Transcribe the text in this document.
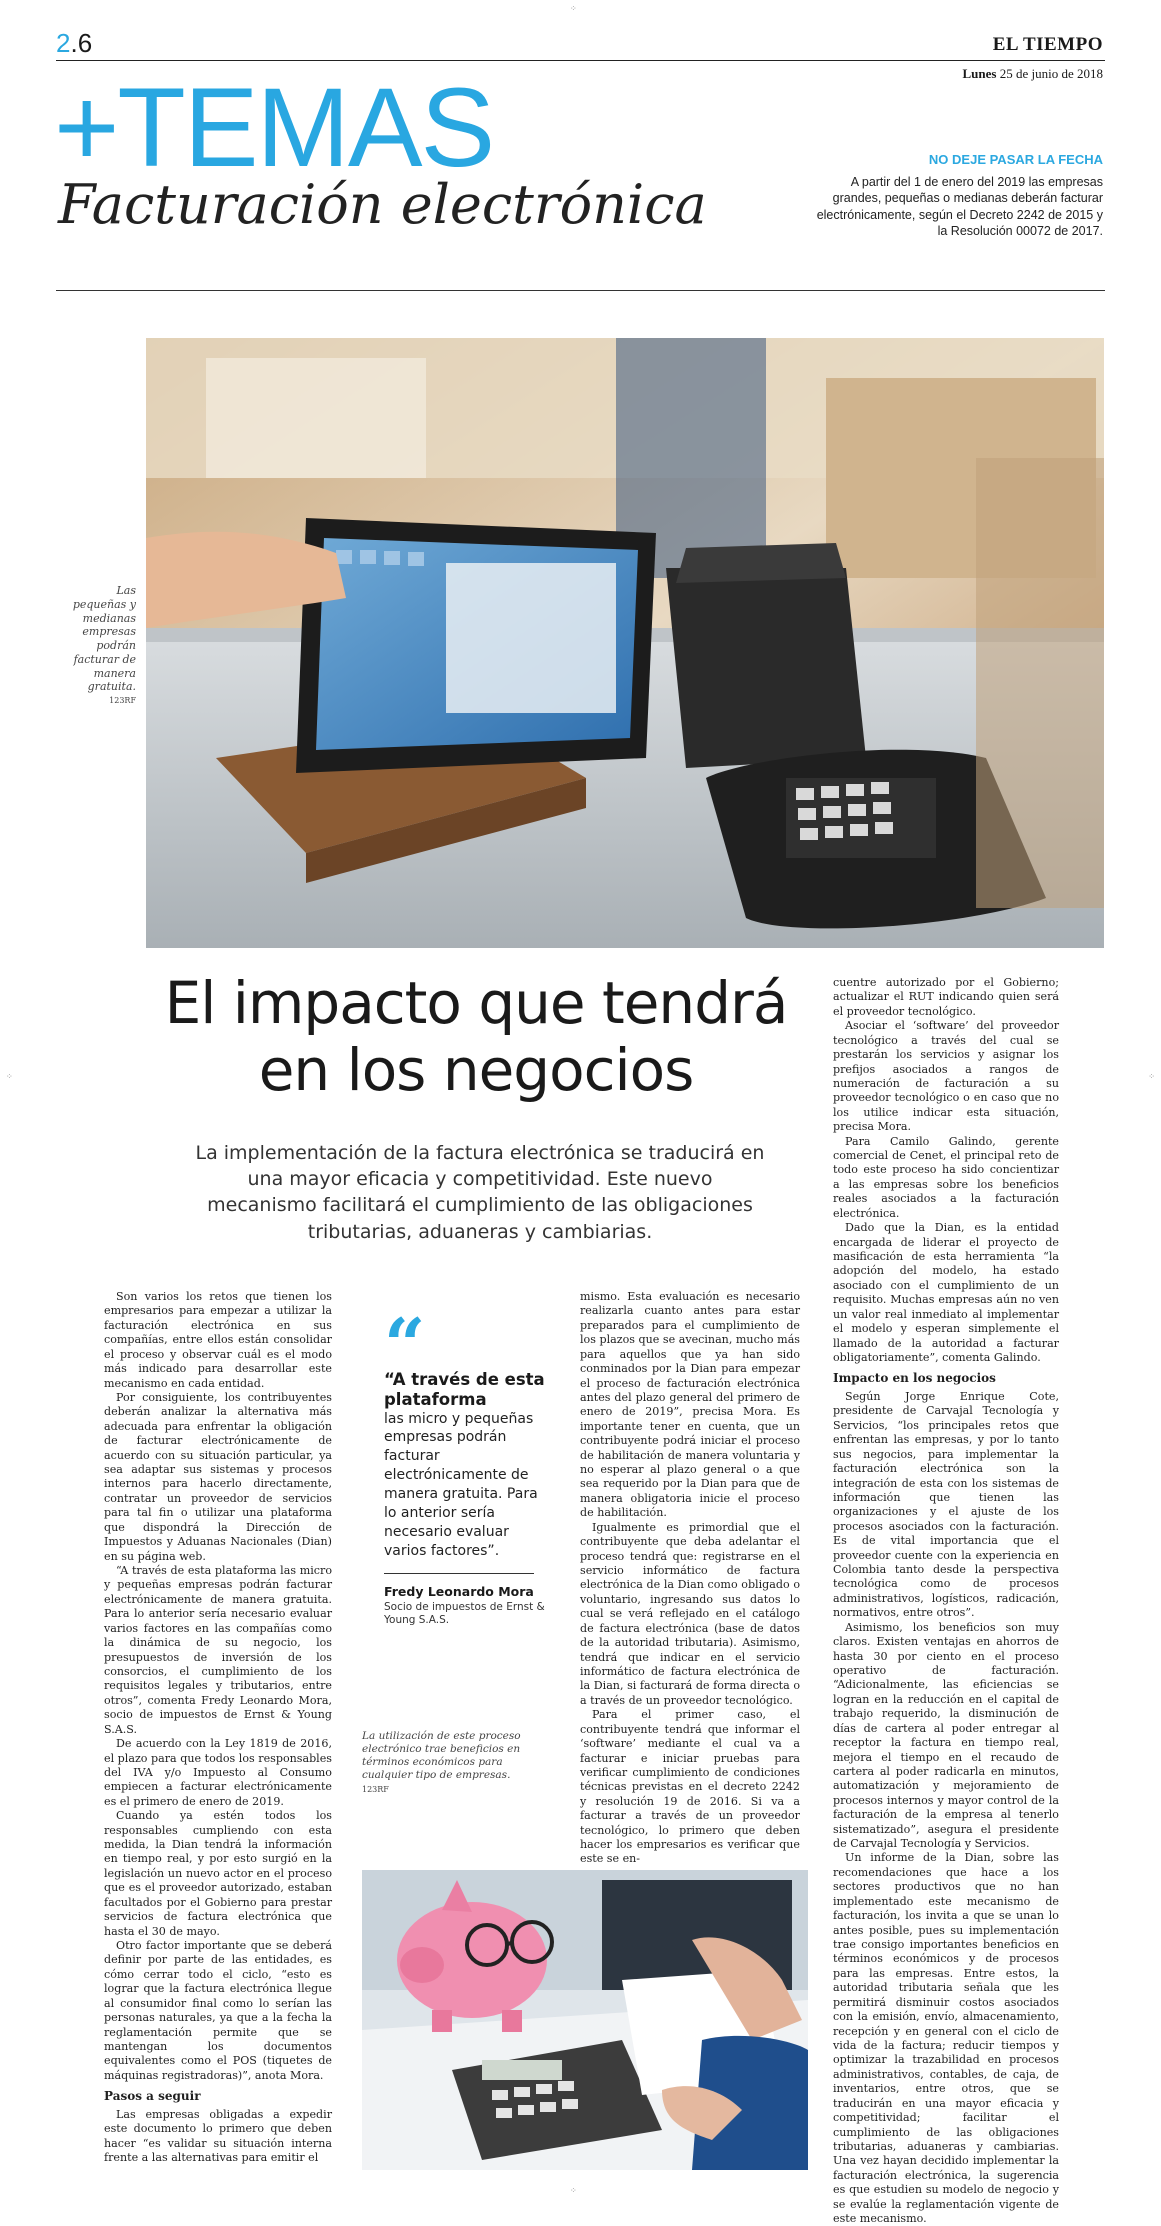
2.6	EL TIEMPO
Lunes 25 de junio de 2018
+TEMAS
Facturación electrónica
NO DEJE PASAR LA FECHA
A partir del 1 de enero del 2019 las empresas grandes, pequeñas o medianas deberán facturar electrónicamente, según el Decreto 2242 de 2015 y la Resolución 00072 de 2017.
Las pequeñas y medianas empresas podrán facturar de manera gratuita.
123RF
El impacto que tendrá en los negocios
La implementación de la factura electrónica se traducirá en una mayor eficacia y competitividad. Este nuevo mecanismo facilitará el cumplimiento de las obligaciones tributarias, aduaneras y cambiarias.

Son varios los retos que tienen los empresarios para empezar a utilizar la facturación electrónica en sus compañías, entre ellos están consolidar el proceso y observar cuál es el modo más indicado para desarrollar este mecanismo en cada entidad.

Por consiguiente, los contribuyentes deberán analizar la alternativa más adecuada para enfrentar la obligación de facturar electrónicamente de acuerdo con su situación particular, ya sea adaptar sus sistemas y procesos internos para hacerlo directamente, contratar un proveedor de servicios para tal fin o utilizar una plataforma que dispondrá la Dirección de Impuestos y Aduanas Nacionales (Dian) en su página web.

“A través de esta plataforma las micro y pequeñas empresas podrán facturar electrónicamente de manera gratuita. Para lo anterior sería necesario evaluar varios factores en las compañías como la dinámica de su negocio, los presupuestos de inversión de los consorcios, el cumplimiento de los requisitos legales y tributarios, entre otros”, comenta Fredy Leonardo Mora, socio de impuestos de Ernst & Young S.A.S.

De acuerdo con la Ley 1819 de 2016, el plazo para que todos los responsables del IVA y/o Impuesto al Consumo empiecen a facturar electrónicamente es el primero de enero de 2019.

Cuando ya estén todos los responsables cumpliendo con esta medida, la Dian tendrá la información en tiempo real, y por esto surgió en la legislación un nuevo actor en el proceso que es el proveedor autorizado, estaban facultados por el Gobierno para prestar servicios de factura electrónica que hasta el 30 de mayo.

Otro factor importante que se deberá definir por parte de las entidades, es cómo cerrar todo el ciclo, “esto es lograr que la factura electrónica llegue al consumidor final como lo serían las personas naturales, ya que a la fecha la reglamentación permite que se mantengan los documentos equivalentes como el POS (tiquetes de máquinas registradoras)”, anota Mora.

Pasos a seguir

Las empresas obligadas a expedir este documento lo primero que deben hacer “es validar su situación interna frente a las alternativas para emitir el

“
“A través de esta plataforma
las micro y pequeñas empresas podrán facturar electrónicamente de manera gratuita. Para lo anterior sería necesario evaluar varios factores”.
Fredy Leonardo Mora
Socio de impuestos de Ernst & Young S.A.S.

mismo. Esta evaluación es necesario realizarla cuanto antes para estar preparados para el cumplimiento de los plazos que se avecinan, mucho más para aquellos que ya han sido conminados por la Dian para empezar el proceso de facturación electrónica antes del plazo general del primero de enero de 2019”, precisa Mora. Es importante tener en cuenta, que un contribuyente podrá iniciar el proceso de habilitación de manera voluntaria y no esperar al plazo general o a que sea requerido por la Dian para que de manera obligatoria inicie el proceso de habilitación.

Igualmente es primordial que el contribuyente que deba adelantar el proceso tendrá que: registrarse en el servicio informático de factura electrónica de la Dian como obligado o voluntario, ingresando sus datos lo cual se verá reflejado en el catálogo de factura electrónica (base de datos de la autoridad tributaria). Asimismo, tendrá que indicar en el servicio informático de factura electrónica de la Dian, si facturará de forma directa o a través de un proveedor tecnológico.

Para el primer caso, el contribuyente tendrá que informar el ‘software’ mediante el cual va a facturar e iniciar pruebas para verificar cumplimiento de condiciones técnicas previstas en el decreto 2242 y resolución 19 de 2016. Si va a facturar a través de un proveedor tecnológico, lo primero que deben hacer los empresarios es verificar que este se en-

La utilización de este proceso electrónico trae beneficios en términos económicos para cualquier tipo de empresas. 123RF

cuentre autorizado por el Gobierno; actualizar el RUT indicando quien será el proveedor tecnológico.

Asociar el ‘software’ del proveedor tecnológico a través del cual se prestarán los servicios y asignar los prefijos asociados a rangos de numeración de facturación a su proveedor tecnológico o en caso que no los utilice indicar esta situación, precisa Mora.

Para Camilo Galindo, gerente comercial de Cenet, el principal reto de todo este proceso ha sido concientizar a las empresas sobre los beneficios reales asociados a la facturación electrónica.

Dado que la Dian, es la entidad encargada de liderar el proyecto de masificación de esta herramienta “la adopción del modelo, ha estado asociado con el cumplimiento de un requisito. Muchas empresas aún no ven un valor real inmediato al implementar el modelo y esperan simplemente el llamado de la autoridad a facturar obligatoriamente”, comenta Galindo.

Impacto en los negocios

Según Jorge Enrique Cote, presidente de Carvajal Tecnología y Servicios, “los principales retos que enfrentan las empresas, y por lo tanto sus negocios, para implementar la facturación electrónica son la integración de esta con los sistemas de información que tienen las organizaciones y el ajuste de los procesos asociados con la facturación. Es de vital importancia que el proveedor cuente con la experiencia en Colombia tanto desde la perspectiva tecnológica como de procesos administrativos, logísticos, radicación, normativos, entre otros”.

Asimismo, los beneficios son muy claros. Existen ventajas en ahorros de hasta 30 por ciento en el proceso operativo de facturación. “Adicionalmente, las eficiencias se logran en la reducción en el capital de trabajo requerido, la disminución de días de cartera al poder entregar al receptor la factura en tiempo real, mejora el tiempo en el recaudo de cartera al poder radicarla en minutos, automatización y mejoramiento de procesos internos y mayor control de la facturación de la empresa al tenerlo sistematizado”, asegura el presidente de Carvajal Tecnología y Servicios.

Un informe de la Dian, sobre las recomendaciones que hace a los sectores productivos que no han implementado este mecanismo de facturación, los invita a que se unan lo antes posible, pues su implementación trae consigo importantes beneficios en términos económicos y de procesos para las empresas. Entre estos, la autoridad tributaria señala que les permitirá disminuir costos asociados con la emisión, envío, almacenamiento, recepción y en general con el ciclo de vida de la factura; reducir tiempos y optimizar la trazabilidad en procesos administrativos, contables, de caja, de inventarios, entre otros, que se traducirán en una mayor eficacia y competitividad; facilitar el cumplimiento de las obligaciones tributarias, aduaneras y cambiarias. Una vez hayan decidido implementar la facturación electrónica, la sugerencia es que estudien su modelo de negocio y se evalúe la reglamentación vigente de este mecanismo.

⁘	⁘
⁘
⁘
